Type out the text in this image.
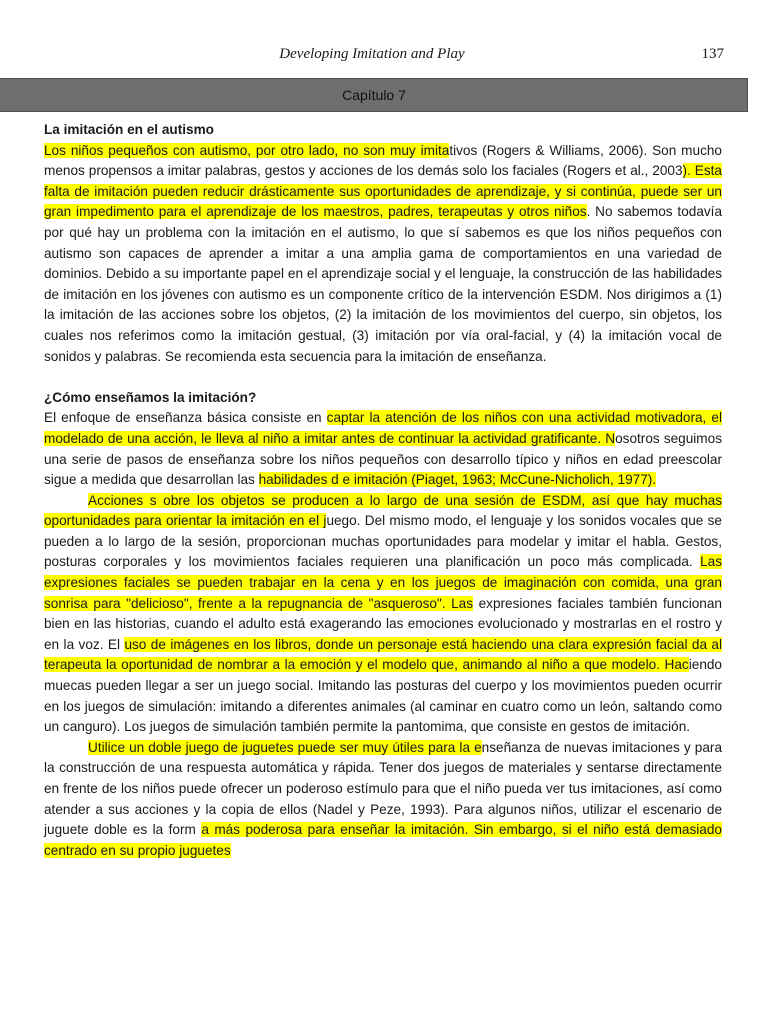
Developing Imitation and Play	137
Capítulo 7

La imitación en el autismo

Los niños pequeños con autismo, por otro lado, no son muy imitativos (Rogers & Williams, 2006). Son mucho menos propensos a imitar palabras, gestos y acciones de los demás solo los faciales (Rogers et al., 2003). Esta falta de imitación pueden reducir drásticamente sus oportunidades de aprendizaje, y si continúa, puede ser un gran impedimento para el aprendizaje de los maestros, padres, terapeutas y otros niños. No sabemos todavía por qué hay un problema con la imitación en el autismo, lo que sí sabemos es que los niños pequeños con autismo son capaces de aprender a imitar a una amplia gama de comportamientos en una variedad de dominios. Debido a su importante papel en el aprendizaje social y el lenguaje, la construcción de las habilidades de imitación en los jóvenes con autismo es un componente crítico de la intervención ESDM. Nos dirigimos a (1) la imitación de las acciones sobre los objetos, (2) la imitación de los movimientos del cuerpo, sin objetos, los cuales nos referimos como la imitación gestual, (3) imitación por vía oral-facial, y (4) la imitación vocal de sonidos y palabras. Se recomienda esta secuencia para la imitación de enseñanza.

¿Cómo enseñamos la imitación?

El enfoque de enseñanza básica consiste en captar la atención de los niños con una actividad motivadora, el modelado de una acción, le lleva al niño a imitar antes de continuar la actividad gratificante. Nosotros seguimos una serie de pasos de enseñanza sobre los niños pequeños con desarrollo típico y niños en edad preescolar sigue a medida que desarrollan las habilidades d e imitación (Piaget, 1963; McCune-Nicholich, 1977).

Acciones s obre los objetos se producen a lo largo de una sesión de ESDM, así que hay muchas oportunidades para orientar la imitación en el juego. Del mismo modo, el lenguaje y los sonidos vocales que se pueden a lo largo de la sesión, proporcionan muchas oportunidades para modelar y imitar el habla. Gestos, posturas corporales y los movimientos faciales requieren una planificación un poco más complicada. Las expresiones faciales se pueden trabajar en la cena y en los juegos de imaginación con comida, una gran sonrisa para "delicioso", frente a la repugnancia de "asqueroso". Las expresiones faciales también funcionan bien en las historias, cuando el adulto está exagerando las emociones evolucionado y mostrarlas en el rostro y en la voz. El uso de imágenes en los libros, donde un personaje está haciendo una clara expresión facial da al terapeuta la oportunidad de nombrar a la emoción y el modelo que, animando al niño a que modelo. Haciendo muecas pueden llegar a ser un juego social. Imitando las posturas del cuerpo y los movimientos pueden ocurrir en los juegos de simulación: imitando a diferentes animales (al caminar en cuatro como un león, saltando como un canguro). Los juegos de simulación también permite la pantomima, que consiste en gestos de imitación.

Utilice un doble juego de juguetes puede ser muy útiles para la enseñanza de nuevas imitaciones y para la construcción de una respuesta automática y rápida. Tener dos juegos de materiales y sentarse directamente en frente de los niños puede ofrecer un poderoso estímulo para que el niño pueda ver tus imitaciones, así como atender a sus acciones y la copia de ellos (Nadel y Peze, 1993). Para algunos niños, utilizar el escenario de juguete doble es la form a más poderosa para enseñar la imitación. Sin embargo, si el niño está demasiado centrado en su propio juguetes
